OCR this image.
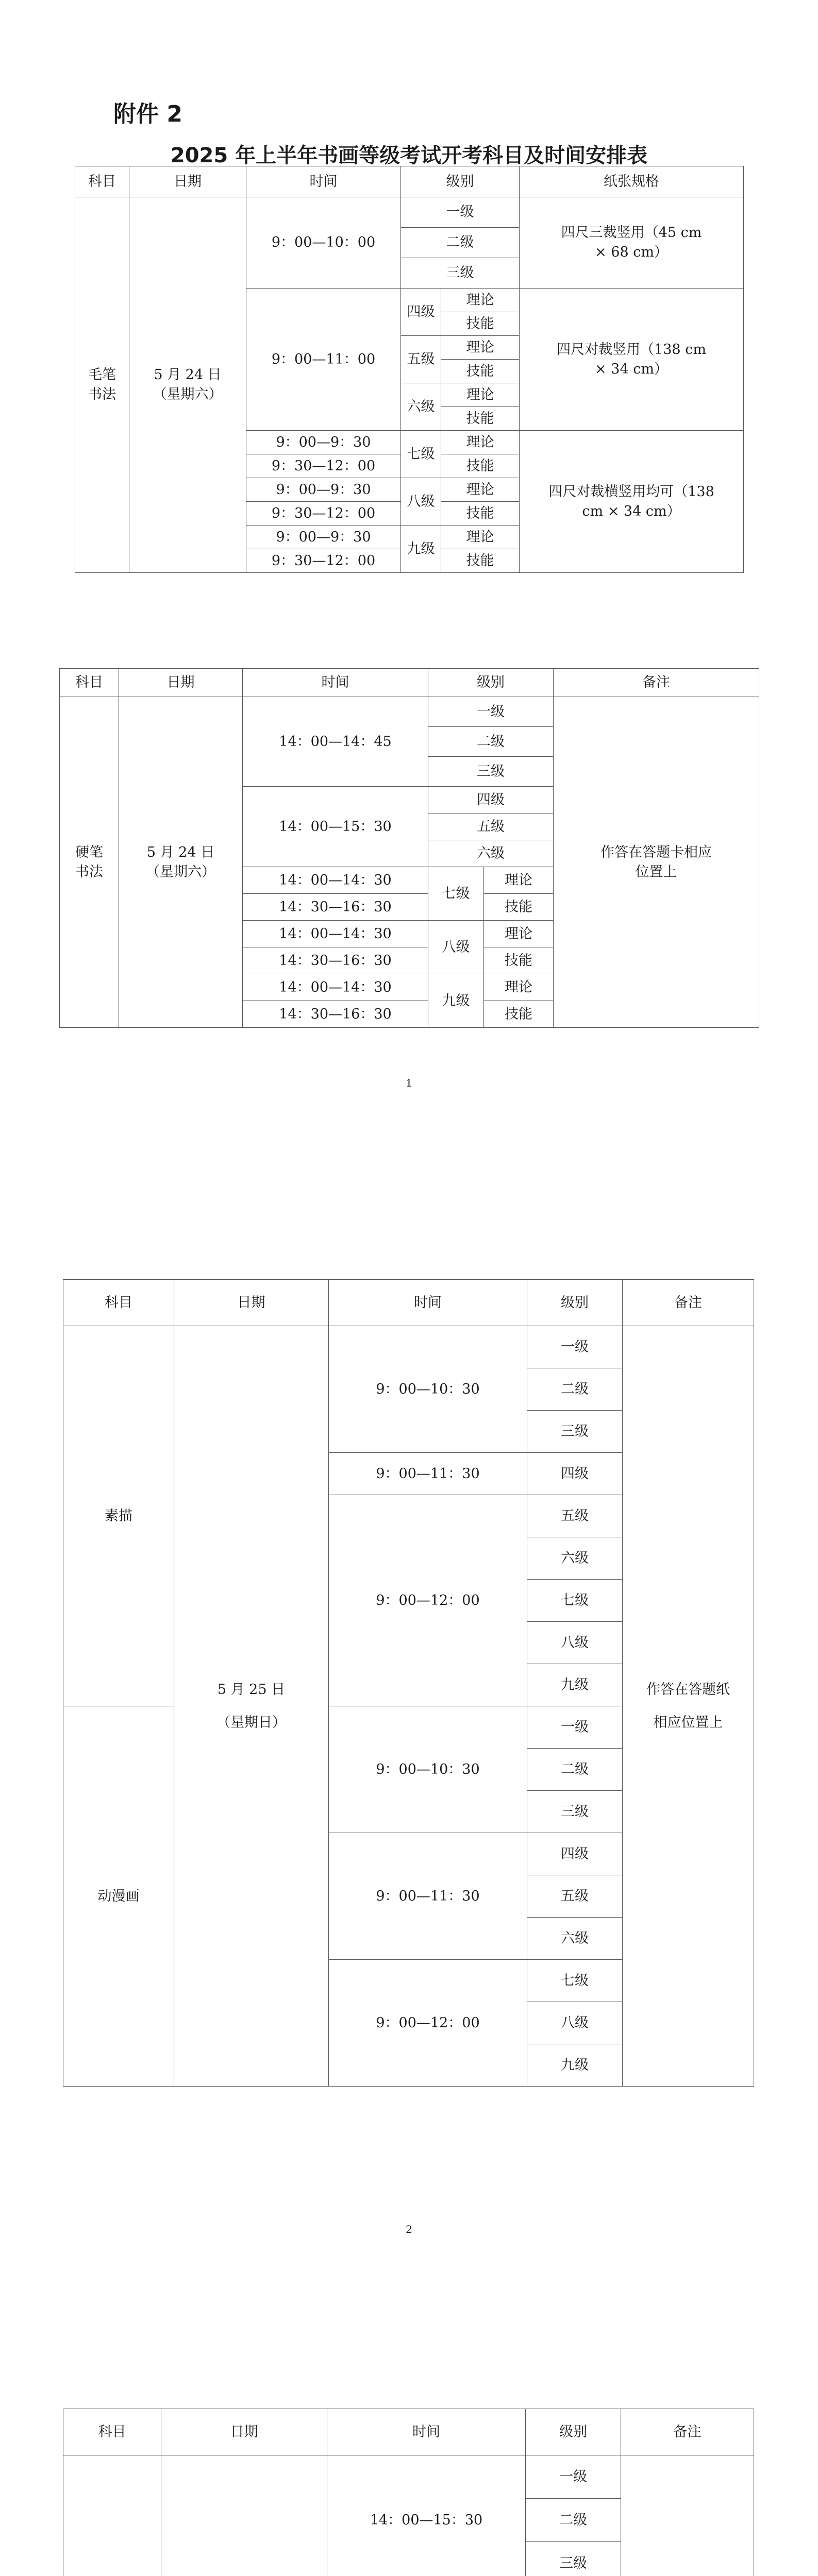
附件 2
2025 年上半年书画等级考试开考科目及时间安排表
科目	日期	时间	级别		纸张规格

毛笔书法	5 月 24 日（星期六）	9：00—10：00	一级		四尺三裁竖用（45 cm × 68 cm）

			二级		
			三级		
		9：00—11：00	四级	理论	四尺对裁竖用（138 cm × 34 cm）

				技能	
			五级	理论	
				技能	
			六级	理论	
				技能	
		9：00—9：30	七级	理论	四尺对裁横竖用均可（138 cm × 34 cm）

		9：30—12：00		技能	
		9：00—9：30	八级	理论	
		9：30—12：00		技能	
		9：00—9：30	九级	理论	
		9：30—12：00		技能	
科目	日期	时间	级别		备注

硬笔书法	5 月 24 日（星期六）	14：00—14：45	一级		作答在答题卡相应位置上

			二级		
			三级		
		14：00—15：30	四级		
			五级		
			六级		
		14：00—14：30	七级	理论	
		14：30—16：30		技能	
		14：00—14：30	八级	理论	
		14：30—16：30		技能	
		14：00—14：30	九级	理论	
		14：30—16：30		技能	
1
科目	日期	时间	级别	备注
素描	5 月 25 日（星期日）	9：00—10：30	一级	作答在答题纸相应位置上

			二级	
			三级	
		9：00—11：30	四级	
		9：00—12：00	五级	
			六级	
			七级	
			八级	
			九级	
动漫画		9：00—10：30	一级	
			二级	
			三级	
		9：00—11：30	四级	
			五级	
			六级	
		9：00—12：00	七级	
			八级	
			九级	
2
科目	日期	时间	级别	备注

	14：00—15：30	一级	

			二级	
			三级	
